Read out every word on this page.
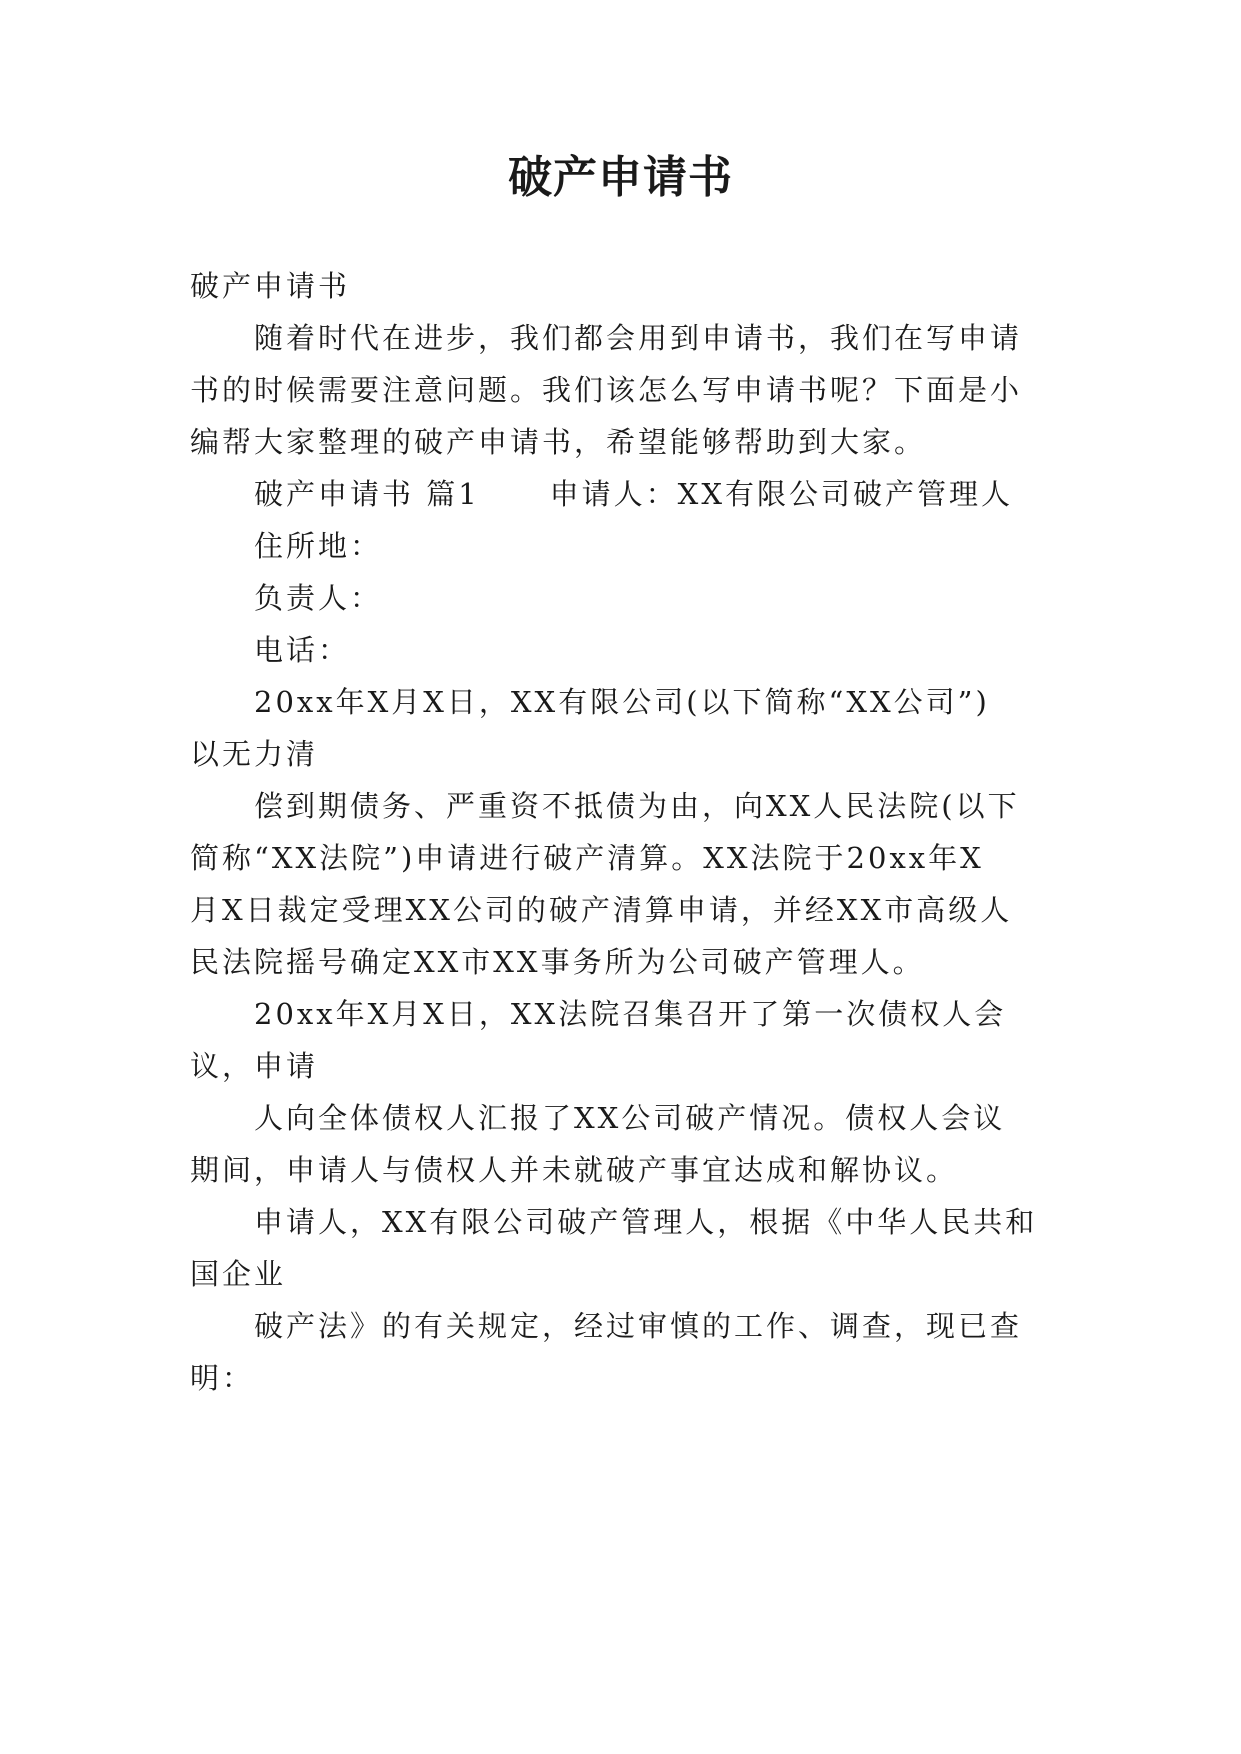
破产申请书

破产申请书

随着时代在进步，我们都会用到申请书，我们在写申请

书的时候需要注意问题。我们该怎么写申请书呢？下面是小

编帮大家整理的破产申请书，希望能够帮助到大家。

破产申请书 篇1 申请人：XX有限公司破产管理人

住所地：

负责人：

电话：

20xx年X月X日，XX有限公司(以下简称“XX公司”)

以无力清

偿到期债务、严重资不抵债为由，向XX人民法院(以下

简称“XX法院”)申请进行破产清算。XX法院于20xx年X

月X日裁定受理XX公司的破产清算申请，并经XX市高级人

民法院摇号确定XX市XX事务所为公司破产管理人。

20xx年X月X日，XX法院召集召开了第一次债权人会

议，申请

人向全体债权人汇报了XX公司破产情况。债权人会议

期间，申请人与债权人并未就破产事宜达成和解协议。

申请人，XX有限公司破产管理人，根据《中华人民共和

国企业

破产法》的有关规定，经过审慎的工作、调查，现已查

明：
